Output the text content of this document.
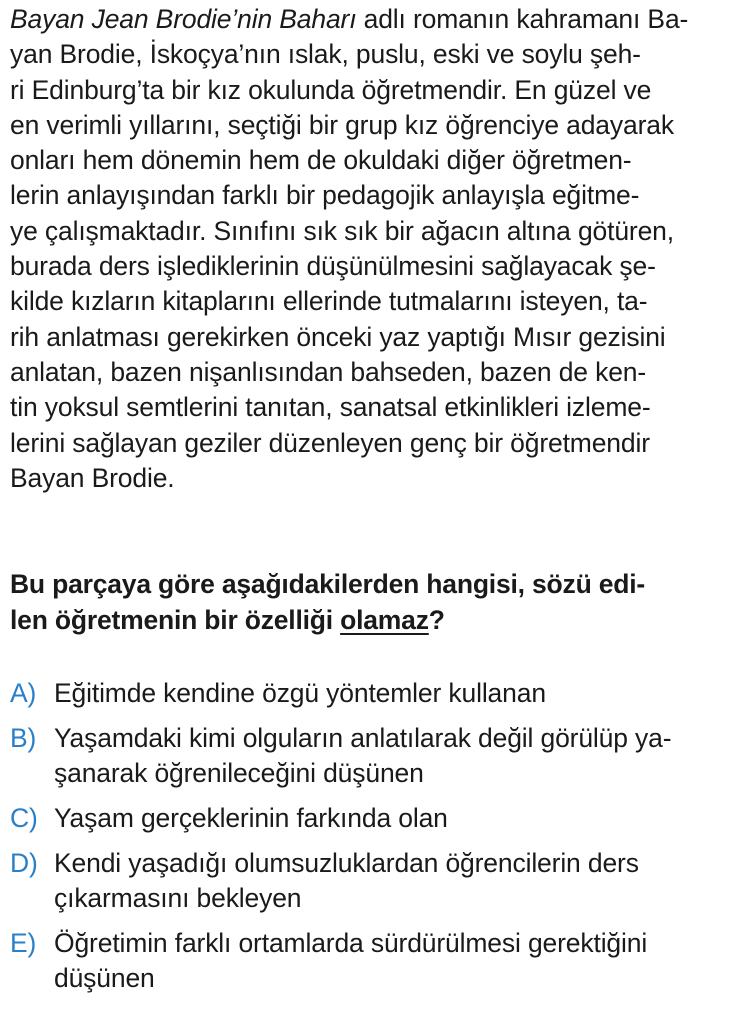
Bayan Jean Brodie’nin Baharı adlı romanın kahramanı Ba-
yan Brodie, İskoçya’nın ıslak, puslu, eski ve soylu şeh-
ri Edinburg’ta bir kız okulunda öğretmendir. En güzel ve
en verimli yıllarını, seçtiği bir grup kız öğrenciye adayarak
onları hem dönemin hem de okuldaki diğer öğretmen-
lerin anlayışından farklı bir pedagojik anlayışla eğitme-
ye çalışmaktadır. Sınıfını sık sık bir ağacın altına götüren,
burada ders işlediklerinin düşünülmesini sağlayacak şe-
kilde kızların kitaplarını ellerinde tutmalarını isteyen, ta-
rih anlatması gerekirken önceki yaz yaptığı Mısır gezisini
anlatan, bazen nişanlısından bahseden, bazen de ken-
tin yoksul semtlerini tanıtan, sanatsal etkinlikleri izleme-
lerini sağlayan geziler düzenleyen genç bir öğretmendir
Bayan Brodie.
Bu parçaya göre aşağıdakilerden hangisi, sözü edi-
len öğretmenin bir özelliği olamaz?
A) Eğitimde kendine özgü yöntemler kullanan
B) Yaşamdaki kimi olguların anlatılarak değil görülüp ya-
şanarak öğrenileceğini düşünen
C) Yaşam gerçeklerinin farkında olan
D) Kendi yaşadığı olumsuzluklardan öğrencilerin ders
çıkarmasını bekleyen
E) Öğretimin farklı ortamlarda sürdürülmesi gerektiğini
düşünen
